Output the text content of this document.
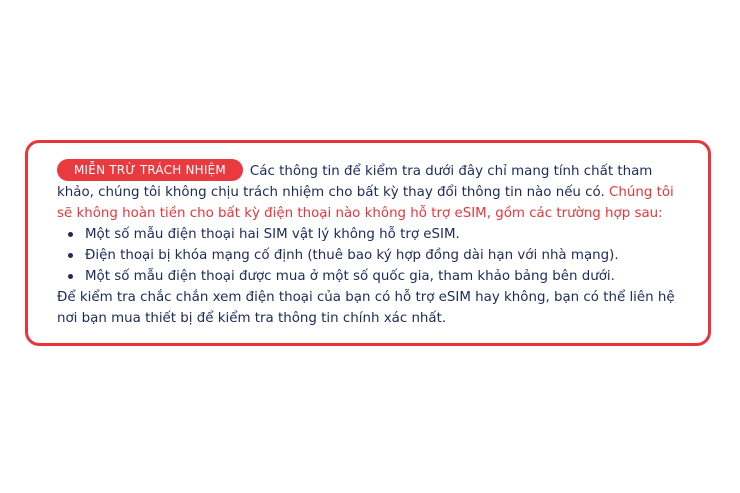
MIỄN TRỪ TRÁCH NHIỆM Các thông tin để kiểm tra dưới đây chỉ mang tính chất tham khảo, chúng tôi không chịu trách nhiệm cho bất kỳ thay đổi thông tin nào nếu có. Chúng tôi sẽ không hoàn tiền cho bất kỳ điện thoại nào không hỗ trợ eSIM, gồm các trường hợp sau:

Một số mẫu điện thoại hai SIM vật lý không hỗ trợ eSIM.
Điện thoại bị khóa mạng cố định (thuê bao ký hợp đồng dài hạn với nhà mạng).
Một số mẫu điện thoại được mua ở một số quốc gia, tham khảo bảng bên dưới.

Để kiểm tra chắc chắn xem điện thoại của bạn có hỗ trợ eSIM hay không, bạn có thể liên hệ nơi bạn mua thiết bị để kiểm tra thông tin chính xác nhất.
